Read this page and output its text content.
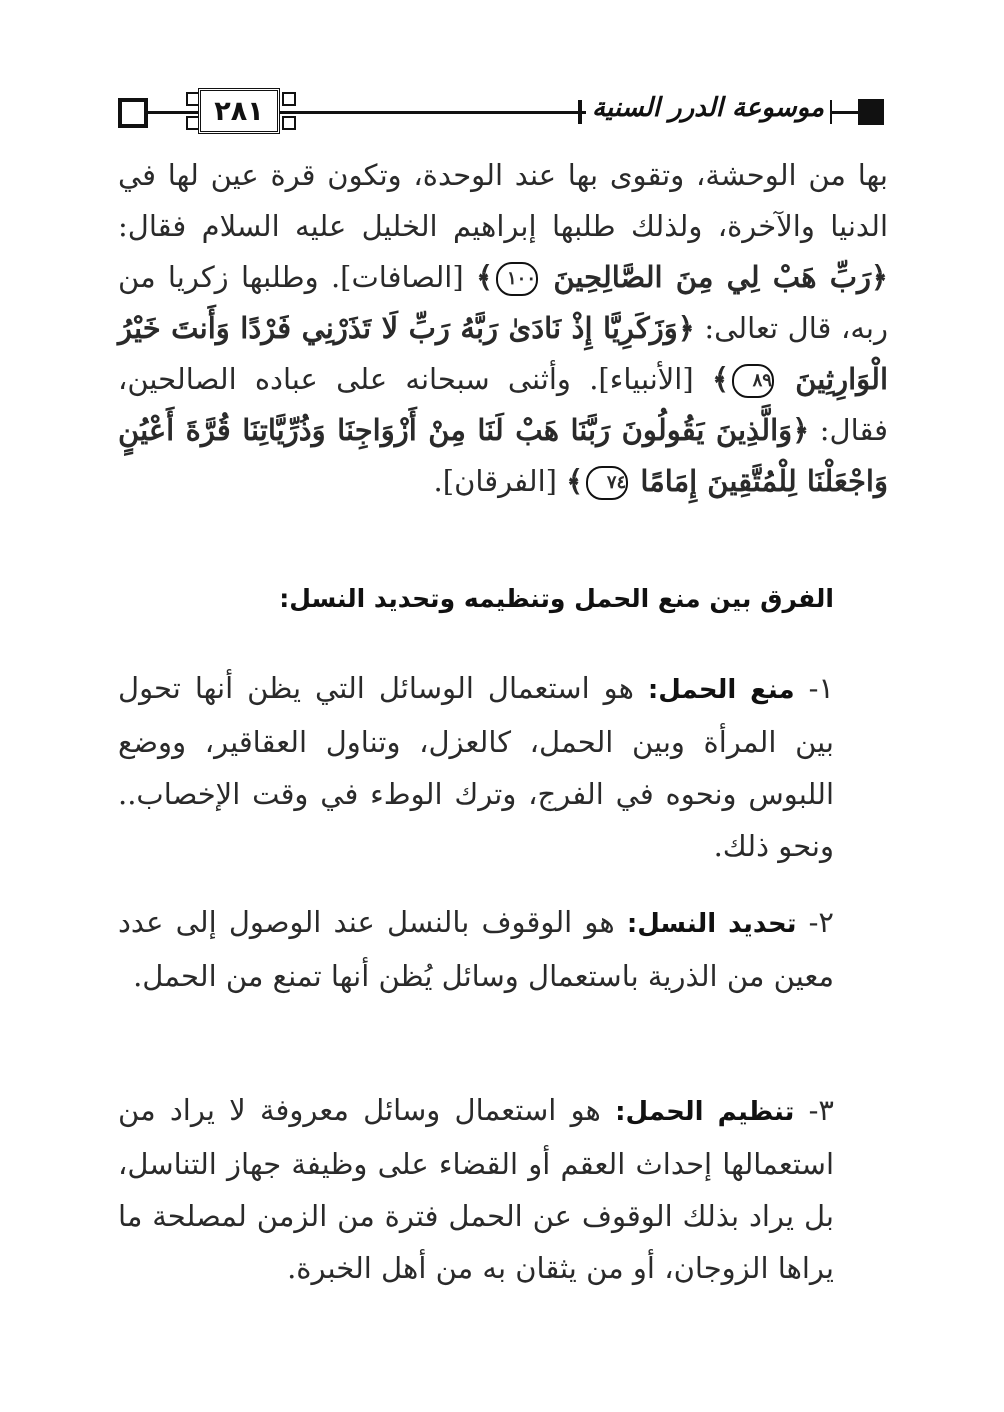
٢٨١	موسوعة الدرر السنية

بها من الوحشة، وتقوى بها عند الوحدة، وتكون قرة عين لها في الدنيا والآخرة، ولذلك طلبها إبراهيم الخليل عليه السلام فقال: ﴿رَبِّ هَبْ لِي مِنَ الصَّالِحِينَ ١٠٠﴾ [الصافات]. وطلبها زكريا من ربه، قال تعالى: ﴿وَزَكَرِيَّا إِذْ نَادَىٰ رَبَّهُ رَبِّ لَا تَذَرْنِي فَرْدًا وَأَنتَ خَيْرُ الْوَارِثِينَ ٨٩﴾ [الأنبياء]. وأثنى سبحانه على عباده الصالحين، فقال: ﴿وَالَّذِينَ يَقُولُونَ رَبَّنَا هَبْ لَنَا مِنْ أَزْوَاجِنَا وَذُرِّيَّاتِنَا قُرَّةَ أَعْيُنٍ وَاجْعَلْنَا لِلْمُتَّقِينَ إِمَامًا ٧٤﴾ [الفرقان].

الفرق بين منع الحمل وتنظيمه وتحديد النسل:

١- منع الحمل: هو استعمال الوسائل التي يظن أنها تحول بين المرأة وبين الحمل، كالعزل، وتناول العقاقير، ووضع اللبوس ونحوه في الفرج، وترك الوطء في وقت الإخصاب.. ونحو ذلك.

٢- تحديد النسل: هو الوقوف بالنسل عند الوصول إلى عدد معين من الذرية باستعمال وسائل يُظن أنها تمنع من الحمل.

٣- تنظيم الحمل: هو استعمال وسائل معروفة لا يراد من استعمالها إحداث العقم أو القضاء على وظيفة جهاز التناسل، بل يراد بذلك الوقوف عن الحمل فترة من الزمن لمصلحة ما يراها الزوجان، أو من يثقان به من أهل الخبرة.
